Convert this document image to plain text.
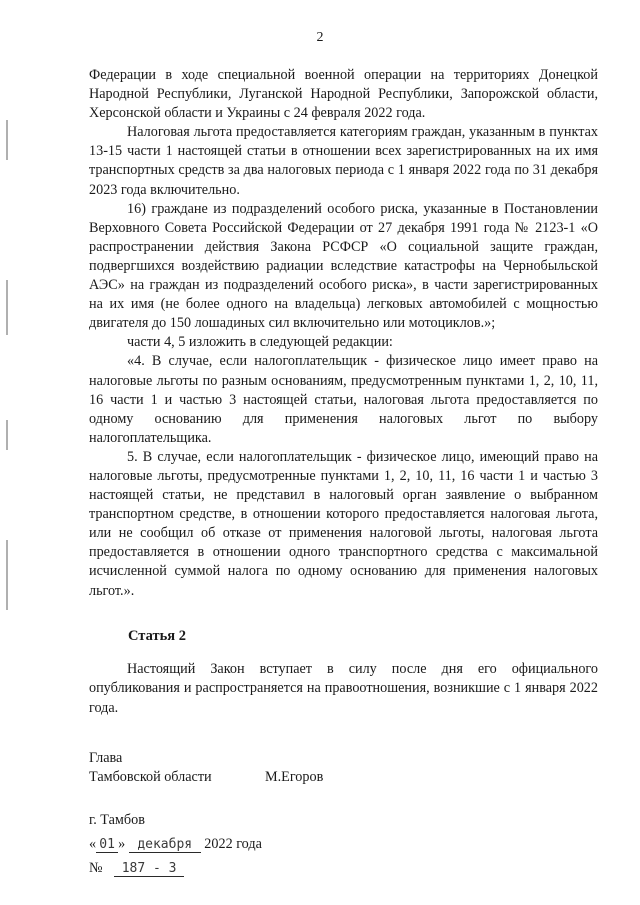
2

Федерации в ходе специальной военной операции на территориях Донецкой Народной Республики, Луганской Народной Республики, Запорожской области, Херсонской области и Украины с 24 февраля 2022 года.

Налоговая льгота предоставляется категориям граждан, указанным в пунктах 13-15 части 1 настоящей статьи в отношении всех зарегистрированных на их имя транспортных средств за два налоговых периода с 1 января 2022 года по 31 декабря 2023 года включительно.

16) граждане из подразделений особого риска, указанные в Постановлении Верховного Совета Российской Федерации от 27 декабря 1991 года № 2123-1 «О распространении действия Закона РСФСР «О социальной защите граждан, подвергшихся воздействию радиации вследствие катастрофы на Чернобыльской АЭС» на граждан из подразделений особого риска», в части зарегистрированных на их имя (не более одного на владельца) легковых автомобилей с мощностью двигателя до 150 лошадиных сил включительно или мотоциклов.»;

части 4, 5 изложить в следующей редакции:

«4. В случае, если налогоплательщик - физическое лицо имеет право на налоговые льготы по разным основаниям, предусмотренным пунктами 1, 2, 10, 11, 16 части 1 и частью 3 настоящей статьи, налоговая льгота предоставляется по одному основанию для применения налоговых льгот по выбору налогоплательщика.

5. В случае, если налогоплательщик - физическое лицо, имеющий право на налоговые льготы, предусмотренные пунктами 1, 2, 10, 11, 16 части 1 и частью 3 настоящей статьи, не представил в налоговый орган заявление о выбранном транспортном средстве, в отношении которого предоставляется налоговая льгота, или не сообщил об отказе от применения налоговой льготы, налоговая льгота предоставляется в отношении одного транспортного средства с максимальной исчисленной суммой налога по одному основанию для применения налоговых льгот.».

Статья 2

Настоящий Закон вступает в силу после дня его официального опубликования и распространяется на правоотношения, возникшие с 1 января 2022 года.

Глава
Тамбовской области	М.Егоров
г. Тамбов
« 01 » декабря 2022 года
№ 187 - З
